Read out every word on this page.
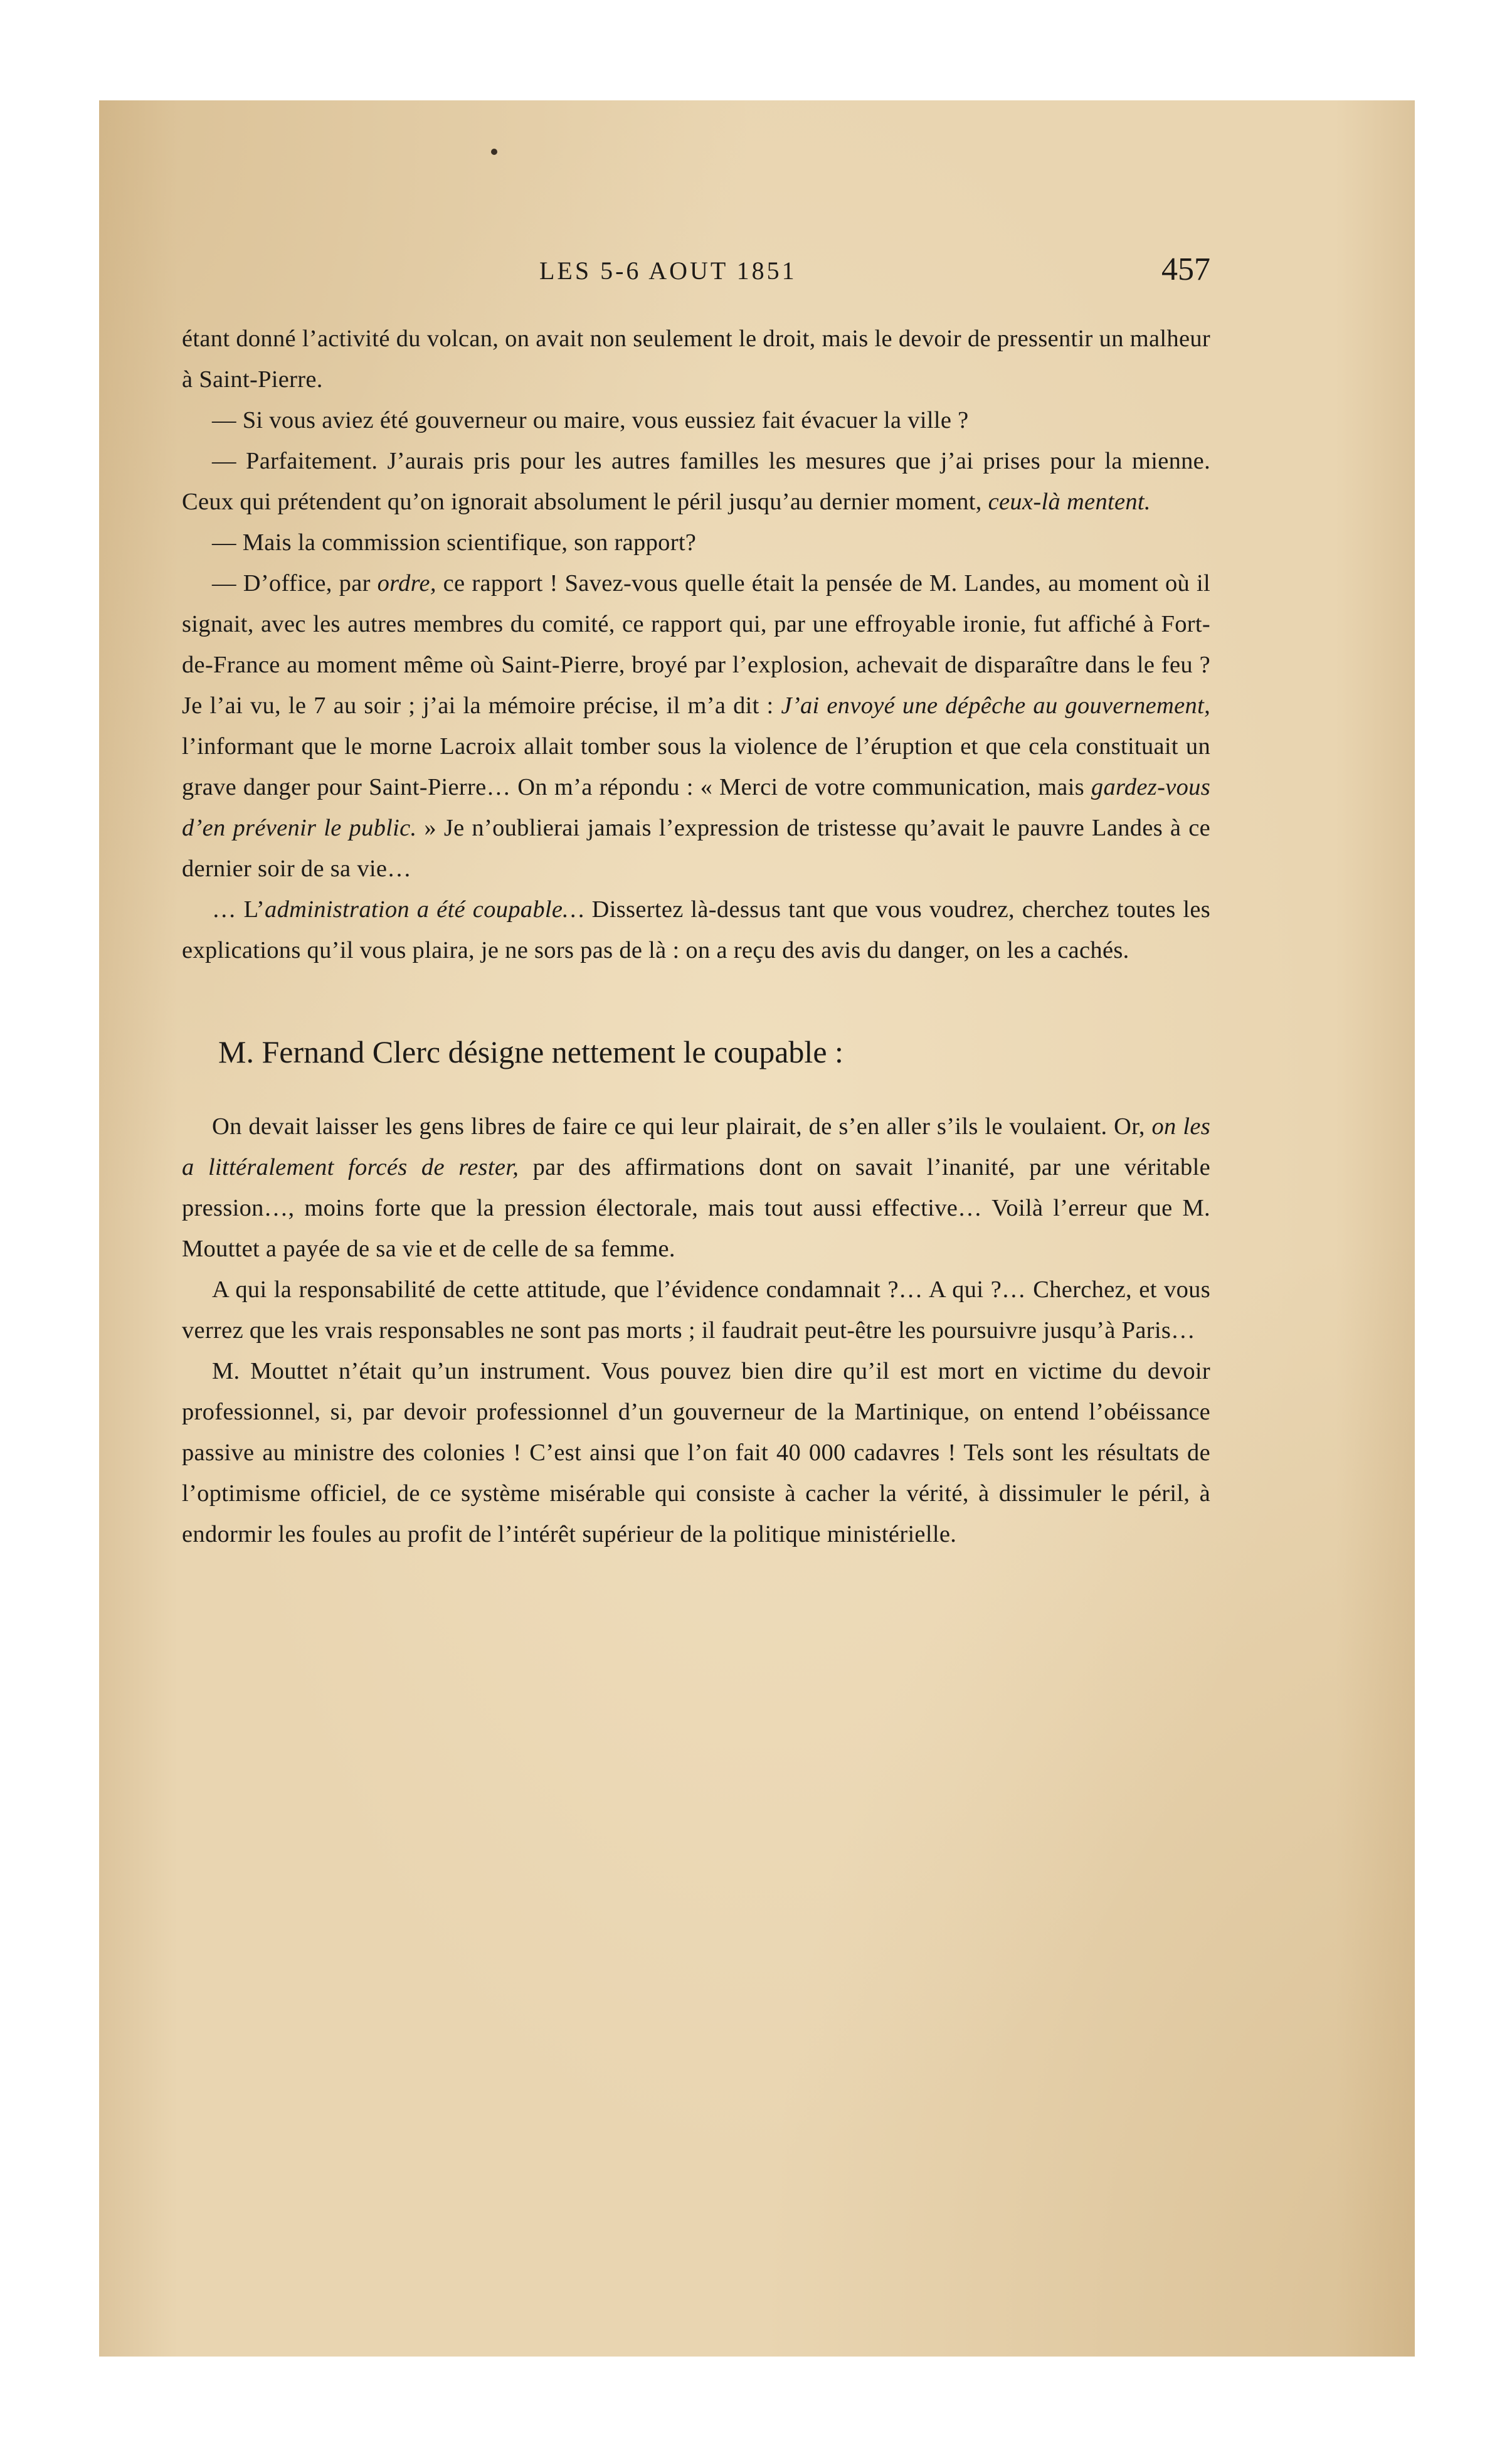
LES 5-6 AOUT 1851	457

étant donné l’activité du volcan, on avait non seulement le droit, mais le devoir de pressentir un malheur à Saint-Pierre.

— Si vous aviez été gouverneur ou maire, vous eussiez fait évacuer la ville ?

— Parfaitement. J’aurais pris pour les autres familles les mesures que j’ai prises pour la mienne. Ceux qui prétendent qu’on ignorait absolument le péril jusqu’au dernier moment, ceux-là mentent.

— Mais la commission scientifique, son rapport?

— D’office, par ordre, ce rapport ! Savez-vous quelle était la pensée de M. Landes, au moment où il signait, avec les autres membres du comité, ce rapport qui, par une effroyable ironie, fut affiché à Fort-de-France au moment même où Saint-Pierre, broyé par l’explosion, achevait de disparaître dans le feu ? Je l’ai vu, le 7 au soir ; j’ai la mémoire précise, il m’a dit : J’ai envoyé une dépêche au gouvernement, l’informant que le morne Lacroix allait tomber sous la violence de l’éruption et que cela constituait un grave danger pour Saint-Pierre… On m’a répondu : « Merci de votre communication, mais gardez-vous d’en prévenir le public. » Je n’oublierai jamais l’expression de tristesse qu’avait le pauvre Landes à ce dernier soir de sa vie…

… L’administration a été coupable… Dissertez là-dessus tant que vous voudrez, cherchez toutes les explications qu’il vous plaira, je ne sors pas de là : on a reçu des avis du danger, on les a cachés.

M. Fernand Clerc désigne nettement le coupable :

On devait laisser les gens libres de faire ce qui leur plairait, de s’en aller s’ils le voulaient. Or, on les a littéralement forcés de rester, par des affirmations dont on savait l’inanité, par une véritable pression…, moins forte que la pression électorale, mais tout aussi effective… Voilà l’erreur que M. Mouttet a payée de sa vie et de celle de sa femme.

A qui la responsabilité de cette attitude, que l’évidence condamnait ?… A qui ?… Cherchez, et vous verrez que les vrais responsables ne sont pas morts ; il faudrait peut-être les poursuivre jusqu’à Paris…

M. Mouttet n’était qu’un instrument. Vous pouvez bien dire qu’il est mort en victime du devoir professionnel, si, par devoir professionnel d’un gouverneur de la Martinique, on entend l’obéissance passive au ministre des colonies ! C’est ainsi que l’on fait 40 000 cadavres ! Tels sont les résultats de l’optimisme officiel, de ce système misérable qui consiste à cacher la vérité, à dissimuler le péril, à endormir les foules au profit de l’intérêt supérieur de la politique ministérielle.
